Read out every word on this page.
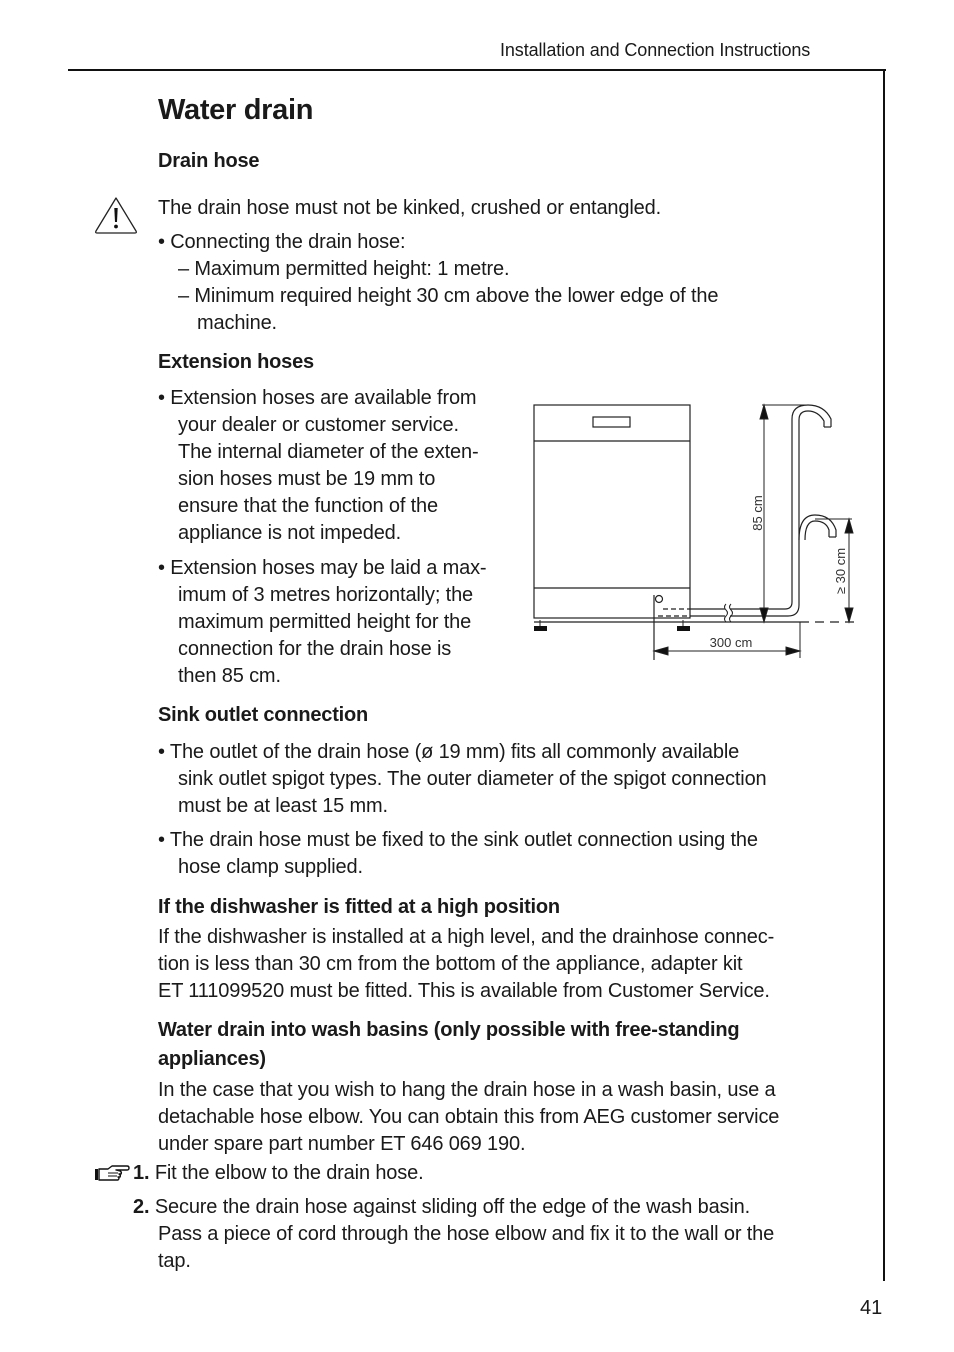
Installation and Connection Instructions
Water drain
Drain hose
The drain hose must not be kinked, crushed or entangled.
• Connecting the drain hose:
– Maximum permitted height: 1 metre.
– Minimum required height 30 cm above the lower edge of the
machine.
Extension hoses
• Extension hoses are available from
your dealer or customer service.
The internal diameter of the exten-
sion hoses must be 19 mm to
ensure that the function of the
appliance is not impeded.
• Extension hoses may be laid a max-
imum of 3 metres horizontally; the
maximum permitted height for the
connection for the drain hose is
then 85 cm.
85 cm
≥ 30 cm
300 cm
Sink outlet connection
• The outlet of the drain hose (ø 19 mm) fits all commonly available
sink outlet spigot types. The outer diameter of the spigot connection
must be at least 15 mm.
• The drain hose must be fixed to the sink outlet connection using the
hose clamp supplied.
If the dishwasher is fitted at a high position
If the dishwasher is installed at a high level, and the drainhose connec-
tion is less than 30 cm from the bottom of the appliance, adapter kit
ET 111099520 must be fitted. This is available from Customer Service.
Water drain into wash basins (only possible with free-standing
appliances)
In the case that you wish to hang the drain hose in a wash basin, use a
detachable hose elbow. You can obtain this from AEG customer service
under spare part number ET 646 069 190.
1. Fit the elbow to the drain hose.
2. Secure the drain hose against sliding off the edge of the wash basin.
Pass a piece of cord through the hose elbow and fix it to the wall or the
tap.
41
